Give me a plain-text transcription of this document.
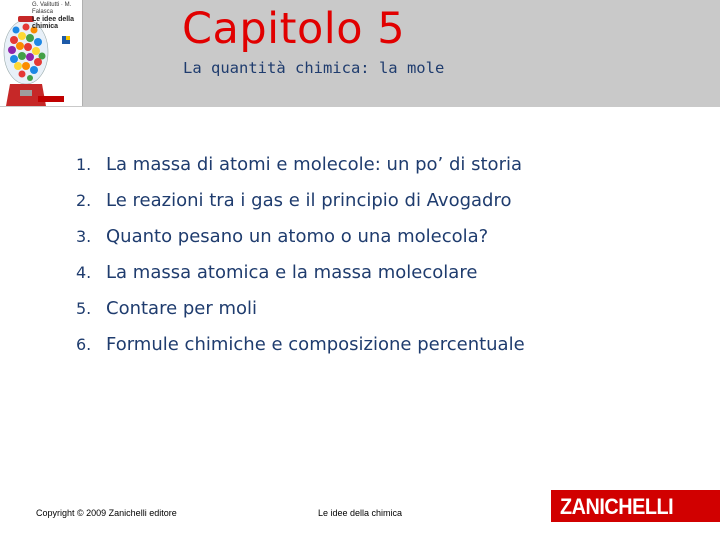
G. Valitutti · M. Falasca
Le idee della chimica	Capitolo 5
La quantità chimica: la mole
1. La massa di atomi e molecole: un po’ di storia
2. Le reazioni tra i gas e il principio di Avogadro
3. Quanto pesano un atomo o una molecola?
4. La massa atomica e la massa molecolare
5. Contare per moli
6. Formule chimiche e composizione percentuale
Copyright © 2009 Zanichelli editore	Le idee della chimica	ZANICHELLI
